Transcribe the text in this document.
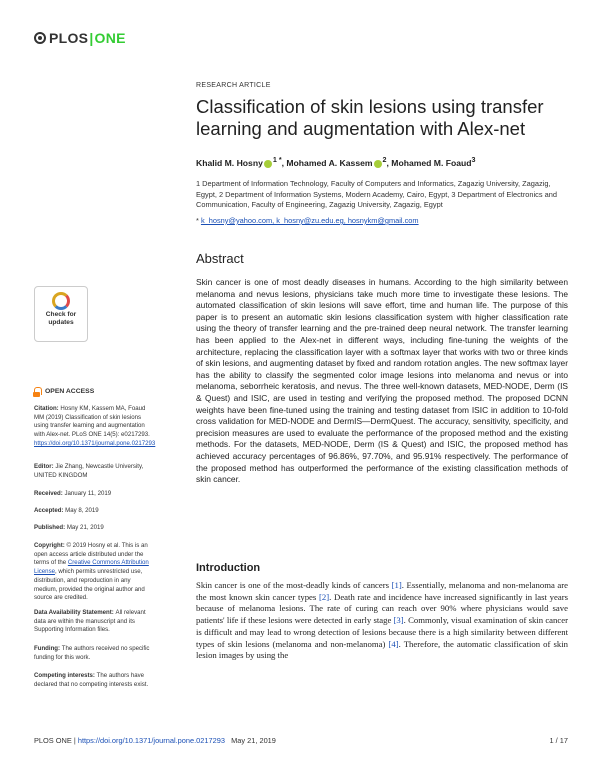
PLOS | ONE
RESEARCH ARTICLE
Classification of skin lesions using transfer learning and augmentation with Alex-net
Khalid M. Hosny $^{1 *}$, Mohamed A. Kassem $^2$, Mohamed M. Foaud$^3$
1 Department of Information Technology, Faculty of Computers and Informatics, Zagazig University, Zagazig, Egypt, 2 Department of Information Systems, Modern Academy, Cairo, Egypt, 3 Department of Electronics and Communication, Faculty of Engineering, Zagazig University, Zagazig, Egypt
* k_hosny@yahoo.com, k_hosny@zu.edu.eg, hosnykm@gmail.com
Abstract
Skin cancer is one of most deadly diseases in humans. According to the high similarity between melanoma and nevus lesions, physicians take much more time to investigate these lesions. The automated classification of skin lesions will save effort, time and human life. The purpose of this paper is to present an automatic skin lesions classification system with higher classification rate using the theory of transfer learning and the pre-trained deep neural network. The transfer learning has been applied to the Alex-net in different ways, including fine-tuning the weights of the architecture, replacing the classification layer with a softmax layer that works with two or three kinds of skin lesions, and augmenting dataset by fixed and random rotation angles. The new softmax layer has the ability to classify the segmented color image lesions into melanoma and nevus or into melanoma, seborrheic keratosis, and nevus. The three well-known datasets, MED-NODE, Derm (IS & Quest) and ISIC, are used in testing and verifying the proposed method. The proposed DCNN weights have been fine-tuned using the training and testing dataset from ISIC in addition to 10-fold cross validation for MED-NODE and DermIS—DermQuest. The accuracy, sensitivity, specificity, and precision measures are used to evaluate the performance of the proposed method and the existing methods. For the datasets, MED-NODE, Derm (IS & Quest) and ISIC, the proposed method has achieved accuracy percentages of 96.86%, 97.70%, and 95.91% respectively. The performance of the proposed method has outperformed the performance of the existing classification methods of skin cancer.
Introduction
Skin cancer is one of the most-deadly kinds of cancers [1]. Essentially, melanoma and non-melanoma are the most known skin cancer types [2]. Death rate and incidence have increased significantly in last years because of melanoma lesions. The rate of curing can reach over 90% where physicians would save patients' life if these lesions were detected in early stage [3]. Commonly, visual examination of skin cancer is difficult and may lead to wrong detection of lesions because there is a high similarity between different types of skin lesions (melanoma and non-melanoma) [4]. Therefore, the automatic classification of skin lesion images by using the
Check for
updates
OPEN ACCESS
Citation: Hosny KM, Kassem MA, Foaud MM (2019) Classification of skin lesions using transfer learning and augmentation with Alex-net. PLoS ONE 14(5): e0217293. https://doi.org/10.1371/journal.pone.0217293
Editor: Jie Zhang, Newcastle University, UNITED KINGDOM
Received: January 11, 2019
Accepted: May 8, 2019
Published: May 21, 2019
Copyright: © 2019 Hosny et al. This is an open access article distributed under the terms of the Creative Commons Attribution License, which permits unrestricted use, distribution, and reproduction in any medium, provided the original author and source are credited.
Data Availability Statement: All relevant data are within the manuscript and its Supporting Information files.
Funding: The authors received no specific funding for this work.
Competing interests: The authors have declared that no competing interests exist.
PLOS ONE | https://doi.org/10.1371/journal.pone.0217293 May 21, 2019	1 / 17
